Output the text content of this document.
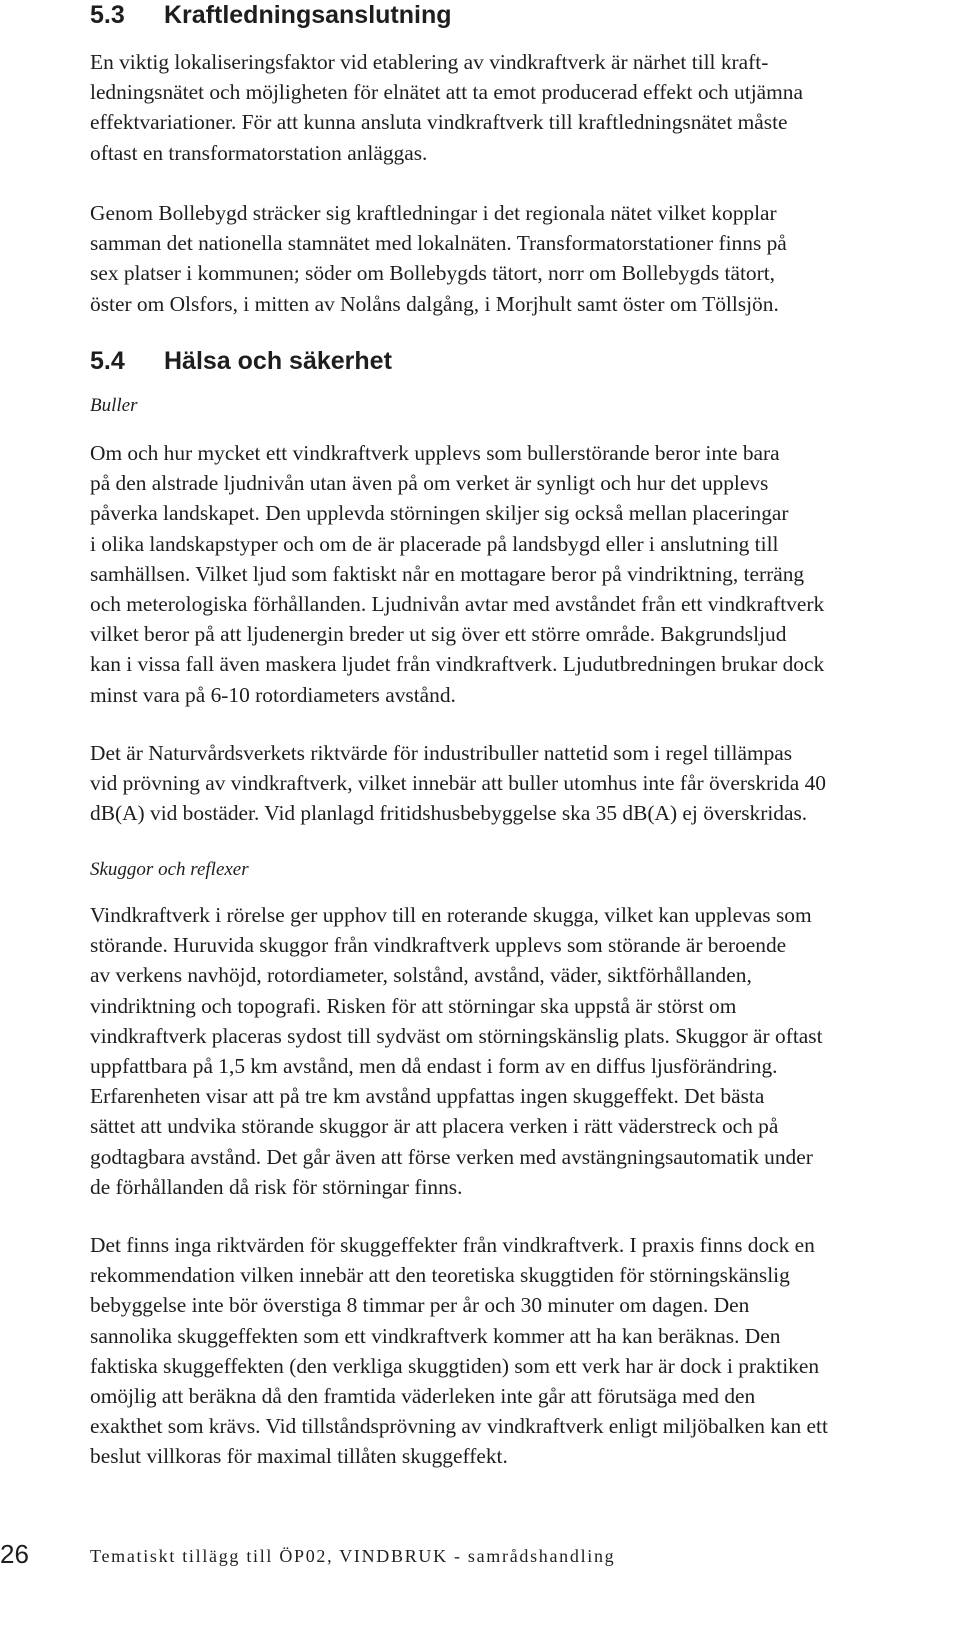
5.3 Kraftledningsanslutning
En viktig lokaliseringsfaktor vid etablering av vindkraftverk är närhet till kraft-
ledningsnätet och möjligheten för elnätet att ta emot producerad effekt och utjämna
effektvariationer. För att kunna ansluta vindkraftverk till kraftledningsnätet måste
oftast en transformatorstation anläggas.
Genom Bollebygd sträcker sig kraftledningar i det regionala nätet vilket kopplar
samman det nationella stamnätet med lokalnäten. Transformatorstationer finns på
sex platser i kommunen; söder om Bollebygds tätort, norr om Bollebygds tätort,
öster om Olsfors, i mitten av Nolåns dalgång, i Morjhult samt öster om Töllsjön.
5.4 Hälsa och säkerhet
Buller
Om och hur mycket ett vindkraftverk upplevs som bullerstörande beror inte bara
på den alstrade ljudnivån utan även på om verket är synligt och hur det upplevs
påverka landskapet. Den upplevda störningen skiljer sig också mellan placeringar
i olika landskapstyper och om de är placerade på landsbygd eller i anslutning till
samhällsen. Vilket ljud som faktiskt når en mottagare beror på vindriktning, terräng
och meterologiska förhållanden. Ljudnivån avtar med avståndet från ett vindkraftverk
vilket beror på att ljudenergin breder ut sig över ett större område. Bakgrundsljud
kan i vissa fall även maskera ljudet från vindkraftverk. Ljudutbredningen brukar dock
minst vara på 6-10 rotordiameters avstånd.
Det är Naturvårdsverkets riktvärde för industribuller nattetid som i regel tillämpas
vid prövning av vindkraftverk, vilket innebär att buller utomhus inte får överskrida 40
dB(A) vid bostäder. Vid planlagd fritidshusbebyggelse ska 35 dB(A) ej överskridas.
Skuggor och reflexer
Vindkraftverk i rörelse ger upphov till en roterande skugga, vilket kan upplevas som
störande. Huruvida skuggor från vindkraftverk upplevs som störande är beroende
av verkens navhöjd, rotordiameter, solstånd, avstånd, väder, siktförhållanden,
vindriktning och topografi. Risken för att störningar ska uppstå är störst om
vindkraftverk placeras sydost till sydväst om störningskänslig plats. Skuggor är oftast
uppfattbara på 1,5 km avstånd, men då endast i form av en diffus ljusförändring.
Erfarenheten visar att på tre km avstånd uppfattas ingen skuggeffekt. Det bästa
sättet att undvika störande skuggor är att placera verken i rätt väderstreck och på
godtagbara avstånd. Det går även att förse verken med avstängningsautomatik under
de förhållanden då risk för störningar finns.
Det finns inga riktvärden för skuggeffekter från vindkraftverk. I praxis finns dock en
rekommendation vilken innebär att den teoretiska skuggtiden för störningskänslig
bebyggelse inte bör överstiga 8 timmar per år och 30 minuter om dagen. Den
sannolika skuggeffekten som ett vindkraftverk kommer att ha kan beräknas. Den
faktiska skuggeffekten (den verkliga skuggtiden) som ett verk har är dock i praktiken
omöjlig att beräkna då den framtida väderleken inte går att förutsäga med den
exakthet som krävs. Vid tillståndsprövning av vindkraftverk enligt miljöbalken kan ett
beslut villkoras för maximal tillåten skuggeffekt.
26	Tematiskt tillägg till ÖP02, VINDBRUK - samrådshandling
